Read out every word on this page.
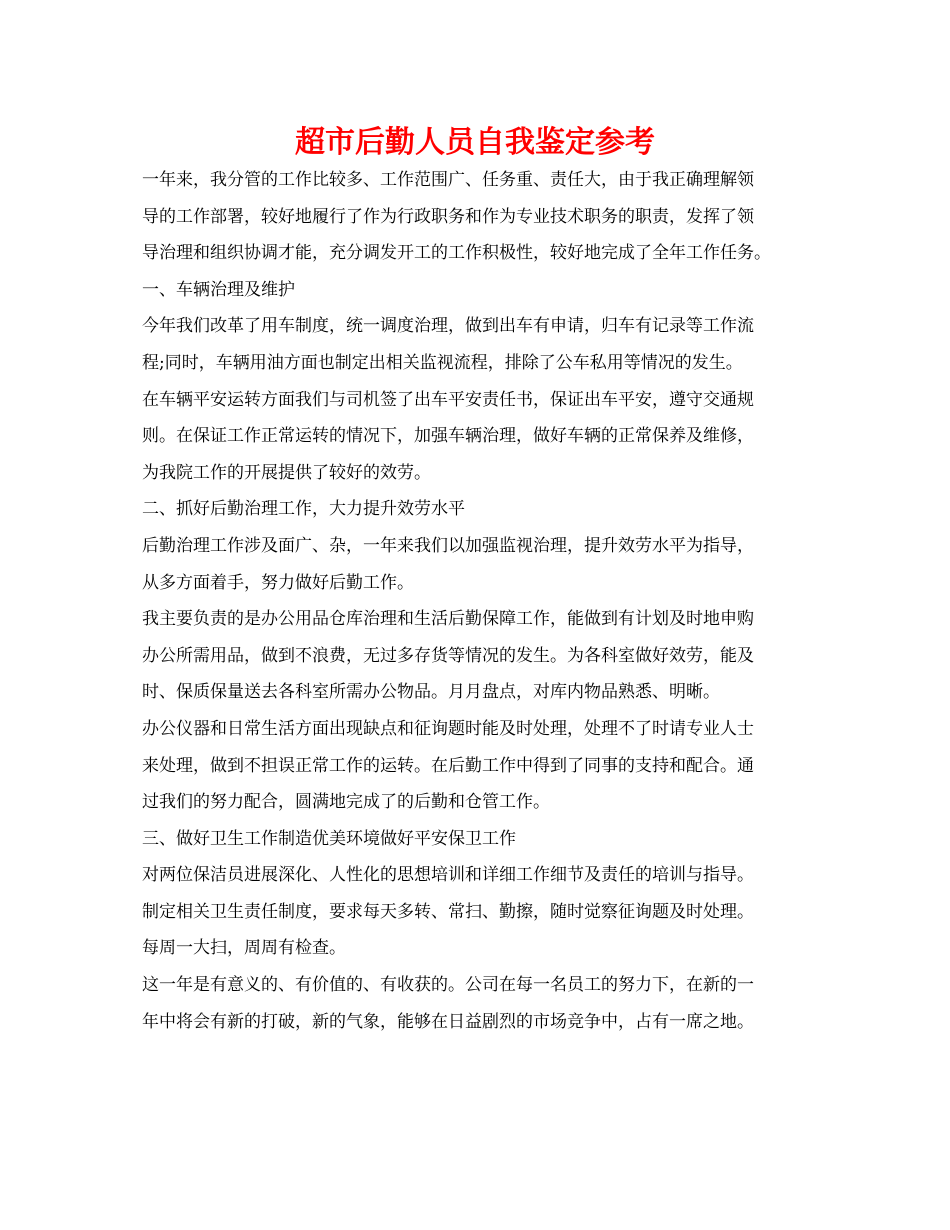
超市后勤人员自我鉴定参考
一年来，我分管的工作比较多、工作范围广、任务重、责任大，由于我正确理解领
导的工作部署，较好地履行了作为行政职务和作为专业技术职务的职责，发挥了领
导治理和组织协调才能，充分调发开工的工作积极性，较好地完成了全年工作任务。
一、车辆治理及维护
今年我们改革了用车制度，统一调度治理，做到出车有申请，归车有记录等工作流
程;同时，车辆用油方面也制定出相关监视流程，排除了公车私用等情况的发生。
在车辆平安运转方面我们与司机签了出车平安责任书，保证出车平安，遵守交通规
则。在保证工作正常运转的情况下，加强车辆治理，做好车辆的正常保养及维修，
为我院工作的开展提供了较好的效劳。
二、抓好后勤治理工作，大力提升效劳水平
后勤治理工作涉及面广、杂，一年来我们以加强监视治理，提升效劳水平为指导，
从多方面着手，努力做好后勤工作。
我主要负责的是办公用品仓库治理和生活后勤保障工作，能做到有计划及时地申购
办公所需用品，做到不浪费，无过多存货等情况的发生。为各科室做好效劳，能及
时、保质保量送去各科室所需办公物品。月月盘点，对库内物品熟悉、明晰。
办公仪器和日常生活方面出现缺点和征询题时能及时处理，处理不了时请专业人士
来处理，做到不担误正常工作的运转。在后勤工作中得到了同事的支持和配合。通
过我们的努力配合，圆满地完成了的后勤和仓管工作。
三、做好卫生工作制造优美环境做好平安保卫工作
对两位保洁员进展深化、人性化的思想培训和详细工作细节及责任的培训与指导。
制定相关卫生责任制度，要求每天多转、常扫、勤擦，随时觉察征询题及时处理。
每周一大扫，周周有检查。
这一年是有意义的、有价值的、有收获的。公司在每一名员工的努力下，在新的一
年中将会有新的打破，新的气象，能够在日益剧烈的市场竞争中，占有一席之地。
